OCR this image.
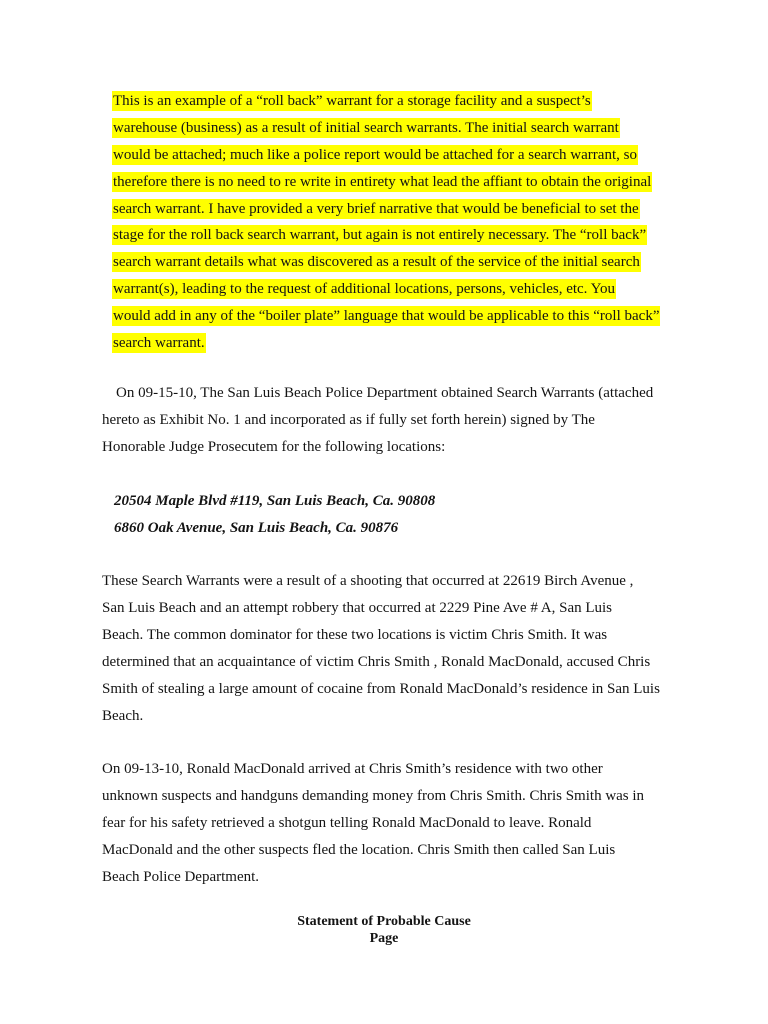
This is an example of a “roll back” warrant for a storage facility and a suspect’s
warehouse (business) as a result of initial search warrants. The initial search warrant
would be attached; much like a police report would be attached for a search warrant, so
therefore there is no need to re write in entirety what lead the affiant to obtain the original
search warrant. I have provided a very brief narrative that would be beneficial to set the
stage for the roll back search warrant, but again is not entirely necessary. The “roll back”
search warrant details what was discovered as a result of the service of the initial search
warrant(s), leading to the request of additional locations, persons, vehicles, etc. You
would add in any of the “boiler plate” language that would be applicable to this “roll back”
search warrant.
On 09-15-10, The San Luis Beach Police Department obtained Search Warrants (attached
hereto as Exhibit No. 1 and incorporated as if fully set forth herein) signed by The
Honorable Judge Prosecutem for the following locations:
20504 Maple Blvd #119, San Luis Beach, Ca. 90808
6860 Oak Avenue, San Luis Beach, Ca. 90876
These Search Warrants were a result of a shooting that occurred at 22619 Birch Avenue ,
San Luis Beach and an attempt robbery that occurred at 2229 Pine Ave # A, San Luis
Beach. The common dominator for these two locations is victim Chris Smith. It was
determined that an acquaintance of victim Chris Smith , Ronald MacDonald, accused Chris
Smith of stealing a large amount of cocaine from Ronald MacDonald’s residence in San Luis
Beach.
On 09-13-10, Ronald MacDonald arrived at Chris Smith’s residence with two other
unknown suspects and handguns demanding money from Chris Smith. Chris Smith was in
fear for his safety retrieved a shotgun telling Ronald MacDonald to leave. Ronald
MacDonald and the other suspects fled the location. Chris Smith then called San Luis
Beach Police Department.
Statement of Probable Cause
Page
